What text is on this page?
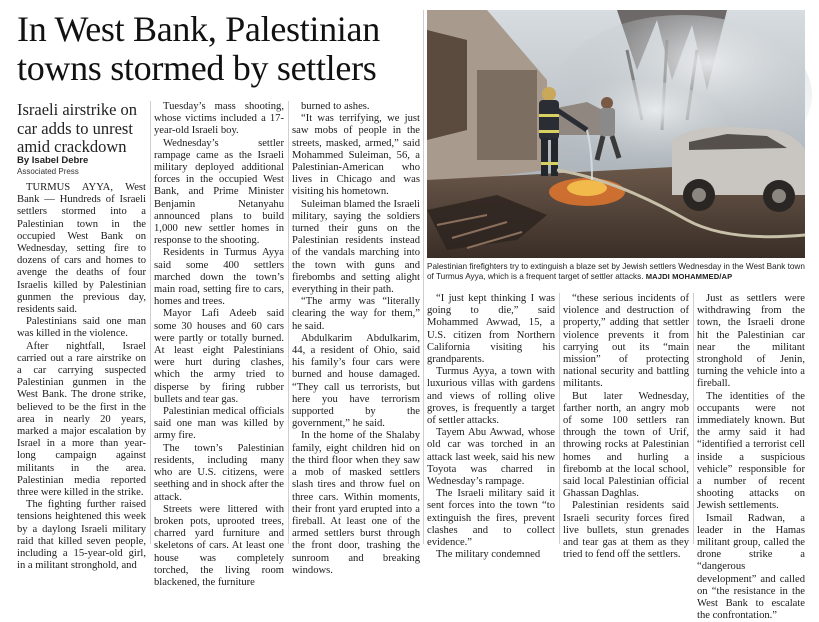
In West Bank, Palestinian towns stormed by settlers
Israeli airstrike on car adds to unrest amid crackdown
By Isabel Debre
Associated Press
Palestinian firefighters try to extinguish a blaze set by Jewish settlers Wednesday in the West Bank town of Turmus Ayya, which is a frequent target of settler attacks. MAJDI MOHAMMED/AP

TURMUS AYYA, West Bank — Hundreds of Israeli settlers stormed into a Palestinian town in the occupied West Bank on Wednesday, setting fire to dozens of cars and homes to avenge the deaths of four Israelis killed by Palestinian gunmen the previous day, residents said.

Palestinians said one man was killed in the violence.

After nightfall, Israel carried out a rare airstrike on a car carrying suspected Palestinian gunmen in the West Bank. The drone strike, believed to be the first in the area in nearly 20 years, marked a major escalation by Israel in a more than year-long campaign against militants in the area. Palestinian media reported three were killed in the strike.

The fighting further raised tensions heightened this week by a daylong Israeli military raid that killed seven people, including a 15-year-old girl, in a militant stronghold, and

Tuesday’s mass shooting, whose victims included a 17-year-old Israeli boy.

Wednesday’s settler rampage came as the Israeli military deployed additional forces in the occupied West Bank, and Prime Minister Benjamin Netanyahu announced plans to build 1,000 new settler homes in response to the shooting.

Residents in Turmus Ayya said some 400 settlers marched down the town’s main road, setting fire to cars, homes and trees.

Mayor Lafi Adeeb said some 30 houses and 60 cars were partly or totally burned. At least eight Palestinians were hurt during clashes, which the army tried to disperse by firing rubber bullets and tear gas.

Palestinian medical officials said one man was killed by army fire.

The town’s Palestinian residents, including many who are U.S. citizens, were seething and in shock after the attack.

Streets were littered with broken pots, uprooted trees, charred yard furniture and skeletons of cars. At least one house was completely torched, the living room blackened, the furniture

burned to ashes.

“It was terrifying, we just saw mobs of people in the streets, masked, armed,” said Mohammed Suleiman, 56, a Palestinian-American who lives in Chicago and was visiting his hometown.

Suleiman blamed the Israeli military, saying the soldiers turned their guns on the Palestinian residents instead of the vandals marching into the town with guns and firebombs and setting alight everything in their path.

“The army was “literally clearing the way for them,” he said.

Abdulkarim Abdulkarim, 44, a resident of Ohio, said his family’s four cars were burned and house damaged. “They call us terrorists, but here you have terrorism supported by the government,” he said.

In the home of the Shalaby family, eight children hid on the third floor when they saw a mob of masked settlers slash tires and throw fuel on three cars. Within moments, their front yard erupted into a fireball. At least one of the armed settlers burst through the front door, trashing the sunroom and breaking windows.

“I just kept thinking I was going to die,” said Mohammed Awwad, 15, a U.S. citizen from Northern California visiting his grandparents.

Turmus Ayya, a town with luxurious villas with gardens and views of rolling olive groves, is frequently a target of settler attacks.

Tayem Abu Awwad, whose old car was torched in an attack last week, said his new Toyota was charred in Wednesday’s rampage.

The Israeli military said it sent forces into the town “to extinguish the fires, prevent clashes and to collect evidence.”

The military condemned

“these serious incidents of violence and destruction of property,” adding that settler violence prevents it from carrying out its “main mission” of protecting national security and battling militants.

But later Wednesday, farther north, an angry mob of some 100 settlers ran through the town of Urif, throwing rocks at Palestinian homes and hurling a firebomb at the local school, said local Palestinian official Ghassan Daghlas.

Palestinian residents said Israeli security forces fired live bullets, stun grenades and tear gas at them as they tried to fend off the settlers.

Just as settlers were withdrawing from the town, the Israeli drone hit the Palestinian car near the militant stronghold of Jenin, turning the vehicle into a fireball.

The identities of the occupants were not immediately known. But the army said it had “identified a terrorist cell inside a suspicious vehicle” responsible for a number of recent shooting attacks on Jewish settlements.

Ismail Radwan, a leader in the Hamas militant group, called the drone strike a “dangerous development” and called on “the resistance in the West Bank to escalate the confrontation.”
